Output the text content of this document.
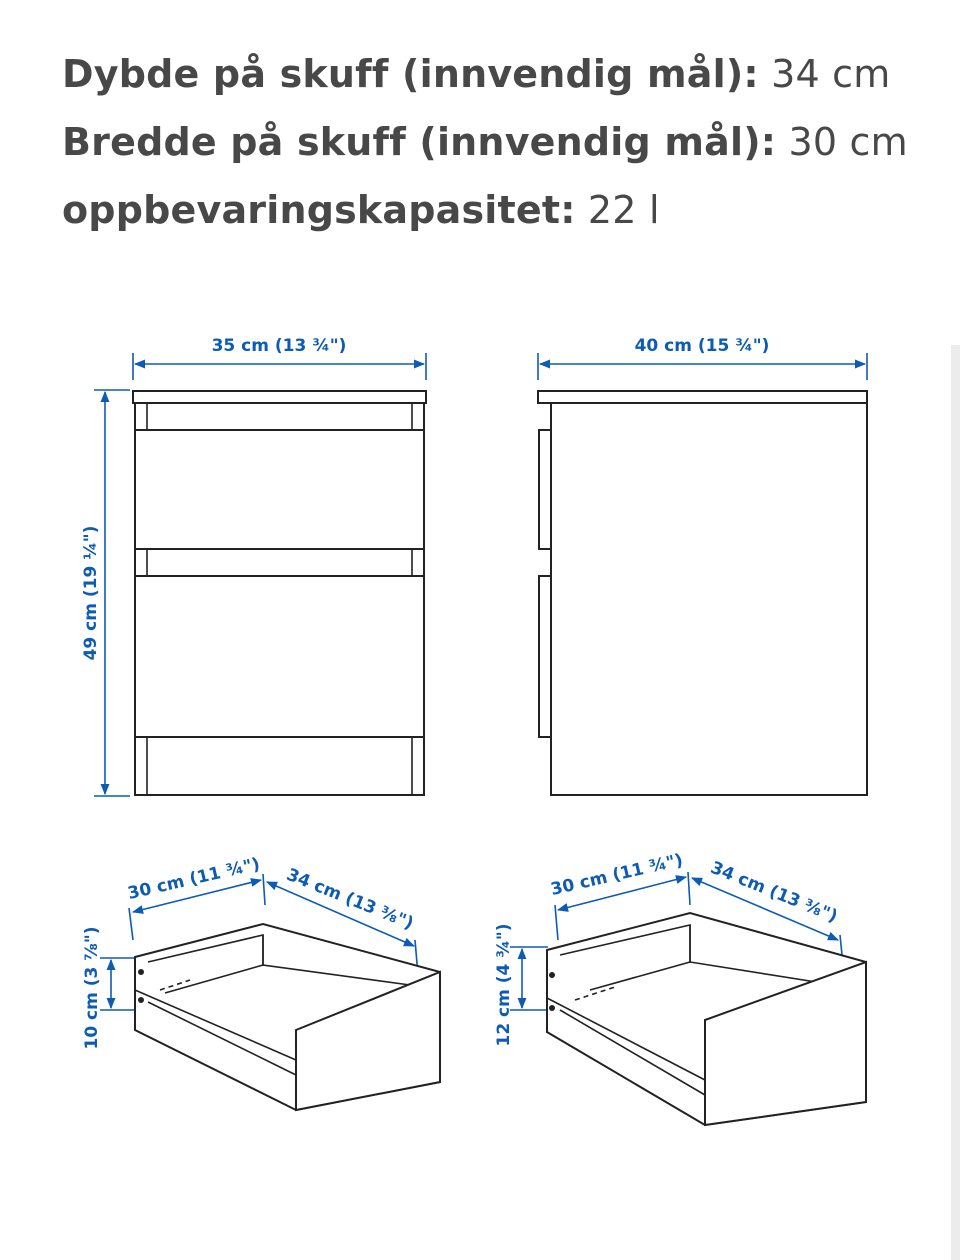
Dybde på skuff (innvendig mål): 34 cm

Bredde på skuff (innvendig mål): 30 cm

oppbevaringskapasitet: 22 l

35 cm (13 ¾")
49 cm (19 ¼")
40 cm (15 ¾")
30 cm (11 ¾") 34 cm (13 ⅜")
10 cm (3 ⅞")
30 cm (11 ¾") 34 cm (13 ⅜")
12 cm (4 ¾")
